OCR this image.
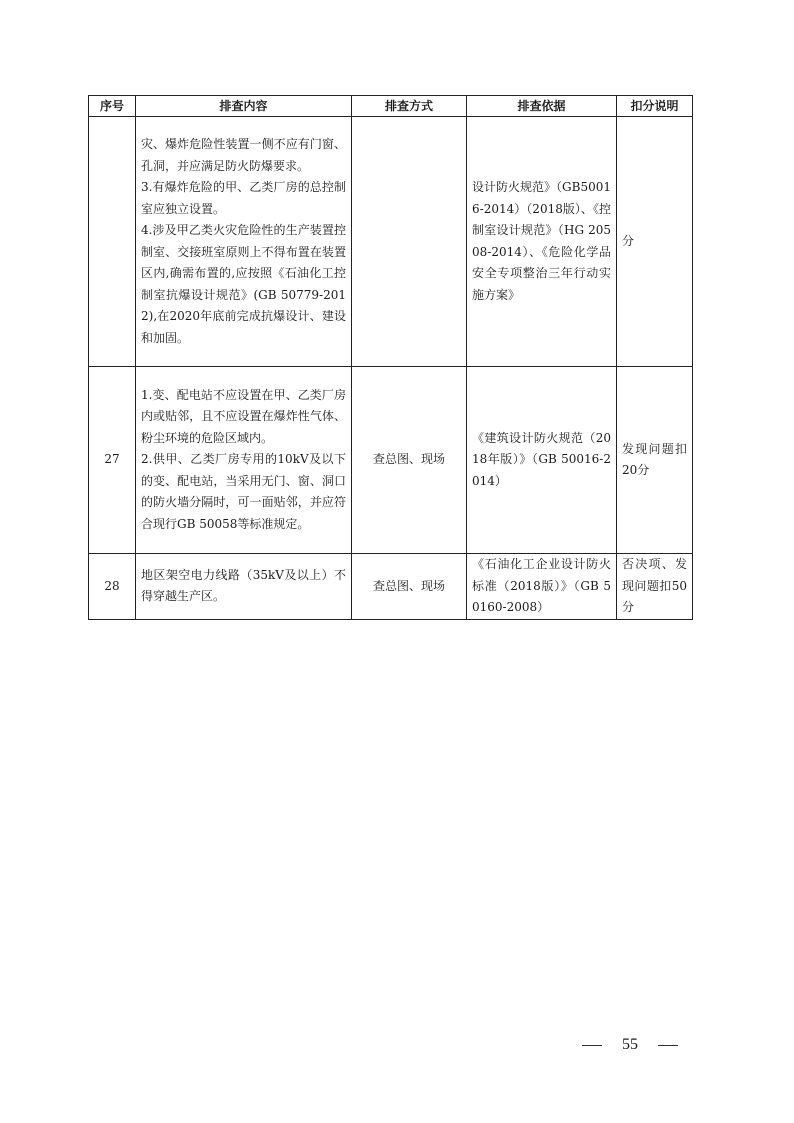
序号	排查内容	排查方式	排查依据	扣分说明

	灾、爆炸危险性装置一侧不应有门窗、孔洞，并应满足防火防爆要求。
3.有爆炸危险的甲、乙类厂房的总控制室应独立设置。
4.涉及甲乙类火灾危险性的生产装置控制室、交接班室原则上不得布置在装置区内,确需布置的,应按照《石油化工控制室抗爆设计规范》(GB 50779-2012),在2020年底前完成抗爆设计、建设和加固。		设计防火规范》（GB50016-2014）（2018版）、《控制室设计规范》（HG 20508-2014）、《危险化学品安全专项整治三年行动实施方案》	分
27	1.变、配电站不应设置在甲、乙类厂房内或贴邻，且不应设置在爆炸性气体、粉尘环境的危险区域内。
2.供甲、乙类厂房专用的10kV及以下的变、配电站，当采用无门、窗、洞口的防火墙分隔时，可一面贴邻，并应符合现行GB 50058等标准规定。	查总图、现场	《建筑设计防火规范（2018年版）》（GB 50016-2014）	发现问题扣20分
28	地区架空电力线路（35kV及以上）不得穿越生产区。	查总图、现场	《石油化工企业设计防火标准（2018版）》（GB 50160-2008）	否决项、发现问题扣50分
55
